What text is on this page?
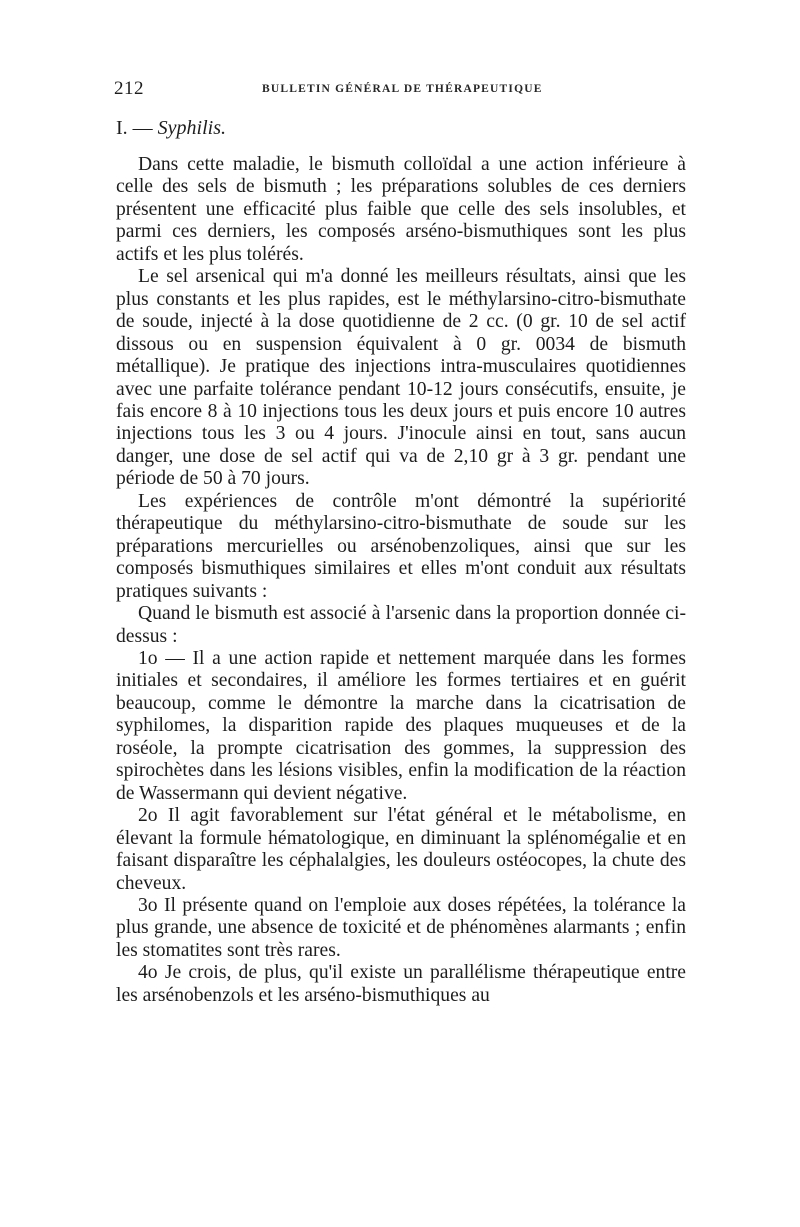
212	BULLETIN GÉNÉRAL DE THÉRAPEUTIQUE
I. — Syphilis.

Dans cette maladie, le bismuth colloïdal a une action inférieure à celle des sels de bismuth ; les préparations solubles de ces derniers présentent une efficacité plus faible que celle des sels insolubles, et parmi ces derniers, les composés arséno-bismuthiques sont les plus actifs et les plus tolérés.

Le sel arsenical qui m'a donné les meilleurs résultats, ainsi que les plus constants et les plus rapides, est le méthylarsino-citro-bismuthate de soude, injecté à la dose quotidienne de 2 cc. (0 gr. 10 de sel actif dissous ou en suspension équivalent à 0 gr. 0034 de bismuth métallique). Je pratique des injections intra-musculaires quotidiennes avec une parfaite tolérance pendant 10-12 jours consécutifs, ensuite, je fais encore 8 à 10 injections tous les deux jours et puis encore 10 autres injections tous les 3 ou 4 jours. J'inocule ainsi en tout, sans aucun danger, une dose de sel actif qui va de 2,10 gr à 3 gr. pendant une période de 50 à 70 jours.

Les expériences de contrôle m'ont démontré la supériorité thérapeutique du méthylarsino-citro-bismuthate de soude sur les préparations mercurielles ou arsénobenzoliques, ainsi que sur les composés bismuthiques similaires et elles m'ont conduit aux résultats pratiques suivants :

Quand le bismuth est associé à l'arsenic dans la proportion donnée ci-dessus :

1o — Il a une action rapide et nettement marquée dans les formes initiales et secondaires, il améliore les formes tertiaires et en guérit beaucoup, comme le démontre la marche dans la cicatrisation de syphilomes, la disparition rapide des plaques muqueuses et de la roséole, la prompte cicatrisation des gommes, la suppression des spirochètes dans les lésions visibles, enfin la modification de la réaction de Wassermann qui devient négative.

2o Il agit favorablement sur l'état général et le métabolisme, en élevant la formule hématologique, en diminuant la splénomégalie et en faisant disparaître les céphalalgies, les douleurs ostéocopes, la chute des cheveux.

3o Il présente quand on l'emploie aux doses répétées, la tolérance la plus grande, une absence de toxicité et de phénomènes alarmants ; enfin les stomatites sont très rares.

4o Je crois, de plus, qu'il existe un parallélisme thérapeutique entre les arsénobenzols et les arséno-bismuthiques au
